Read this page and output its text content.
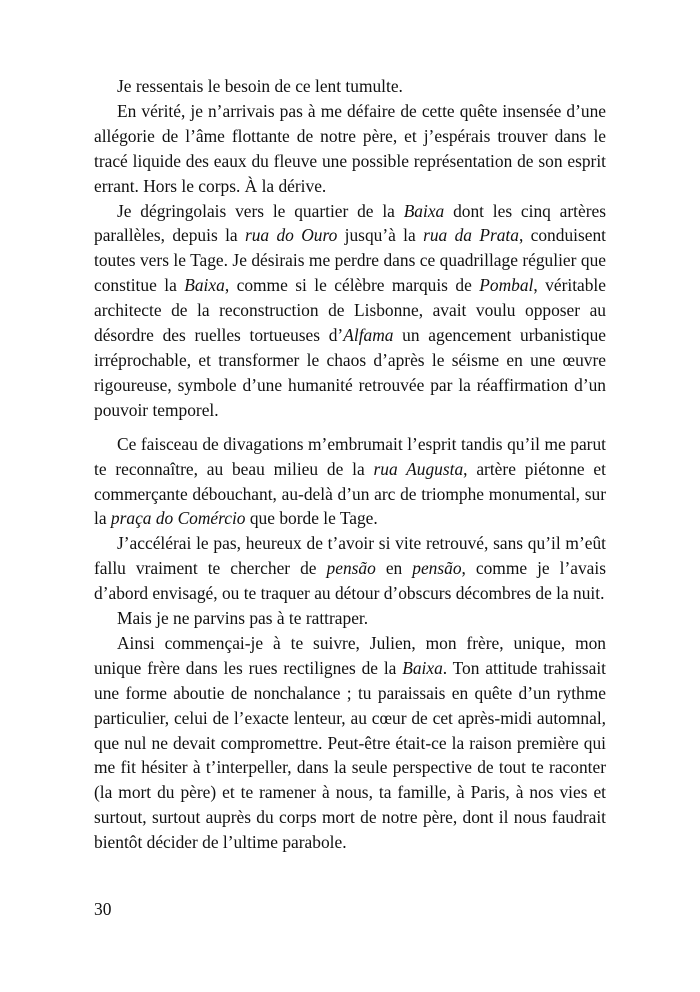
Je ressentais le besoin de ce lent tumulte.

En vérité, je n’arrivais pas à me défaire de cette quête insensée d’une allégorie de l’âme flottante de notre père, et j’espérais trouver dans le tracé liquide des eaux du fleuve une possible représentation de son esprit errant. Hors le corps. À la dérive.

Je dégringolais vers le quartier de la Baixa dont les cinq artères parallèles, depuis la rua do Ouro jusqu’à la rua da Prata, conduisent toutes vers le Tage. Je désirais me perdre dans ce quadrillage régulier que constitue la Baixa, comme si le célèbre marquis de Pombal, véritable architecte de la reconstruction de Lisbonne, avait voulu opposer au désordre des ruelles tortueuses d’Alfama un agencement urbanistique irréprochable, et transformer le chaos d’après le séisme en une œuvre rigoureuse, symbole d’une humanité retrouvée par la réaffirmation d’un pouvoir temporel.

Ce faisceau de divagations m’embrumait l’esprit tandis qu’il me parut te reconnaître, au beau milieu de la rua Augusta, artère piétonne et commerçante débouchant, au-delà d’un arc de triomphe monumental, sur la praça do Comércio que borde le Tage.

J’accélérai le pas, heureux de t’avoir si vite retrouvé, sans qu’il m’eût fallu vraiment te chercher de pensão en pensão, comme je l’avais d’abord envisagé, ou te traquer au détour d’obscurs décombres de la nuit.

Mais je ne parvins pas à te rattraper.

Ainsi commençai-je à te suivre, Julien, mon frère, unique, mon unique frère dans les rues rectilignes de la Baixa. Ton attitude trahissait une forme aboutie de nonchalance ; tu paraissais en quête d’un rythme particulier, celui de l’exacte lenteur, au cœur de cet après-midi automnal, que nul ne devait compromettre. Peut-être était-ce la raison première qui me fit hésiter à t’interpeller, dans la seule perspective de tout te raconter (la mort du père) et te ramener à nous, ta famille, à Paris, à nos vies et surtout, surtout auprès du corps mort de notre père, dont il nous faudrait bientôt décider de l’ultime parabole.

30
